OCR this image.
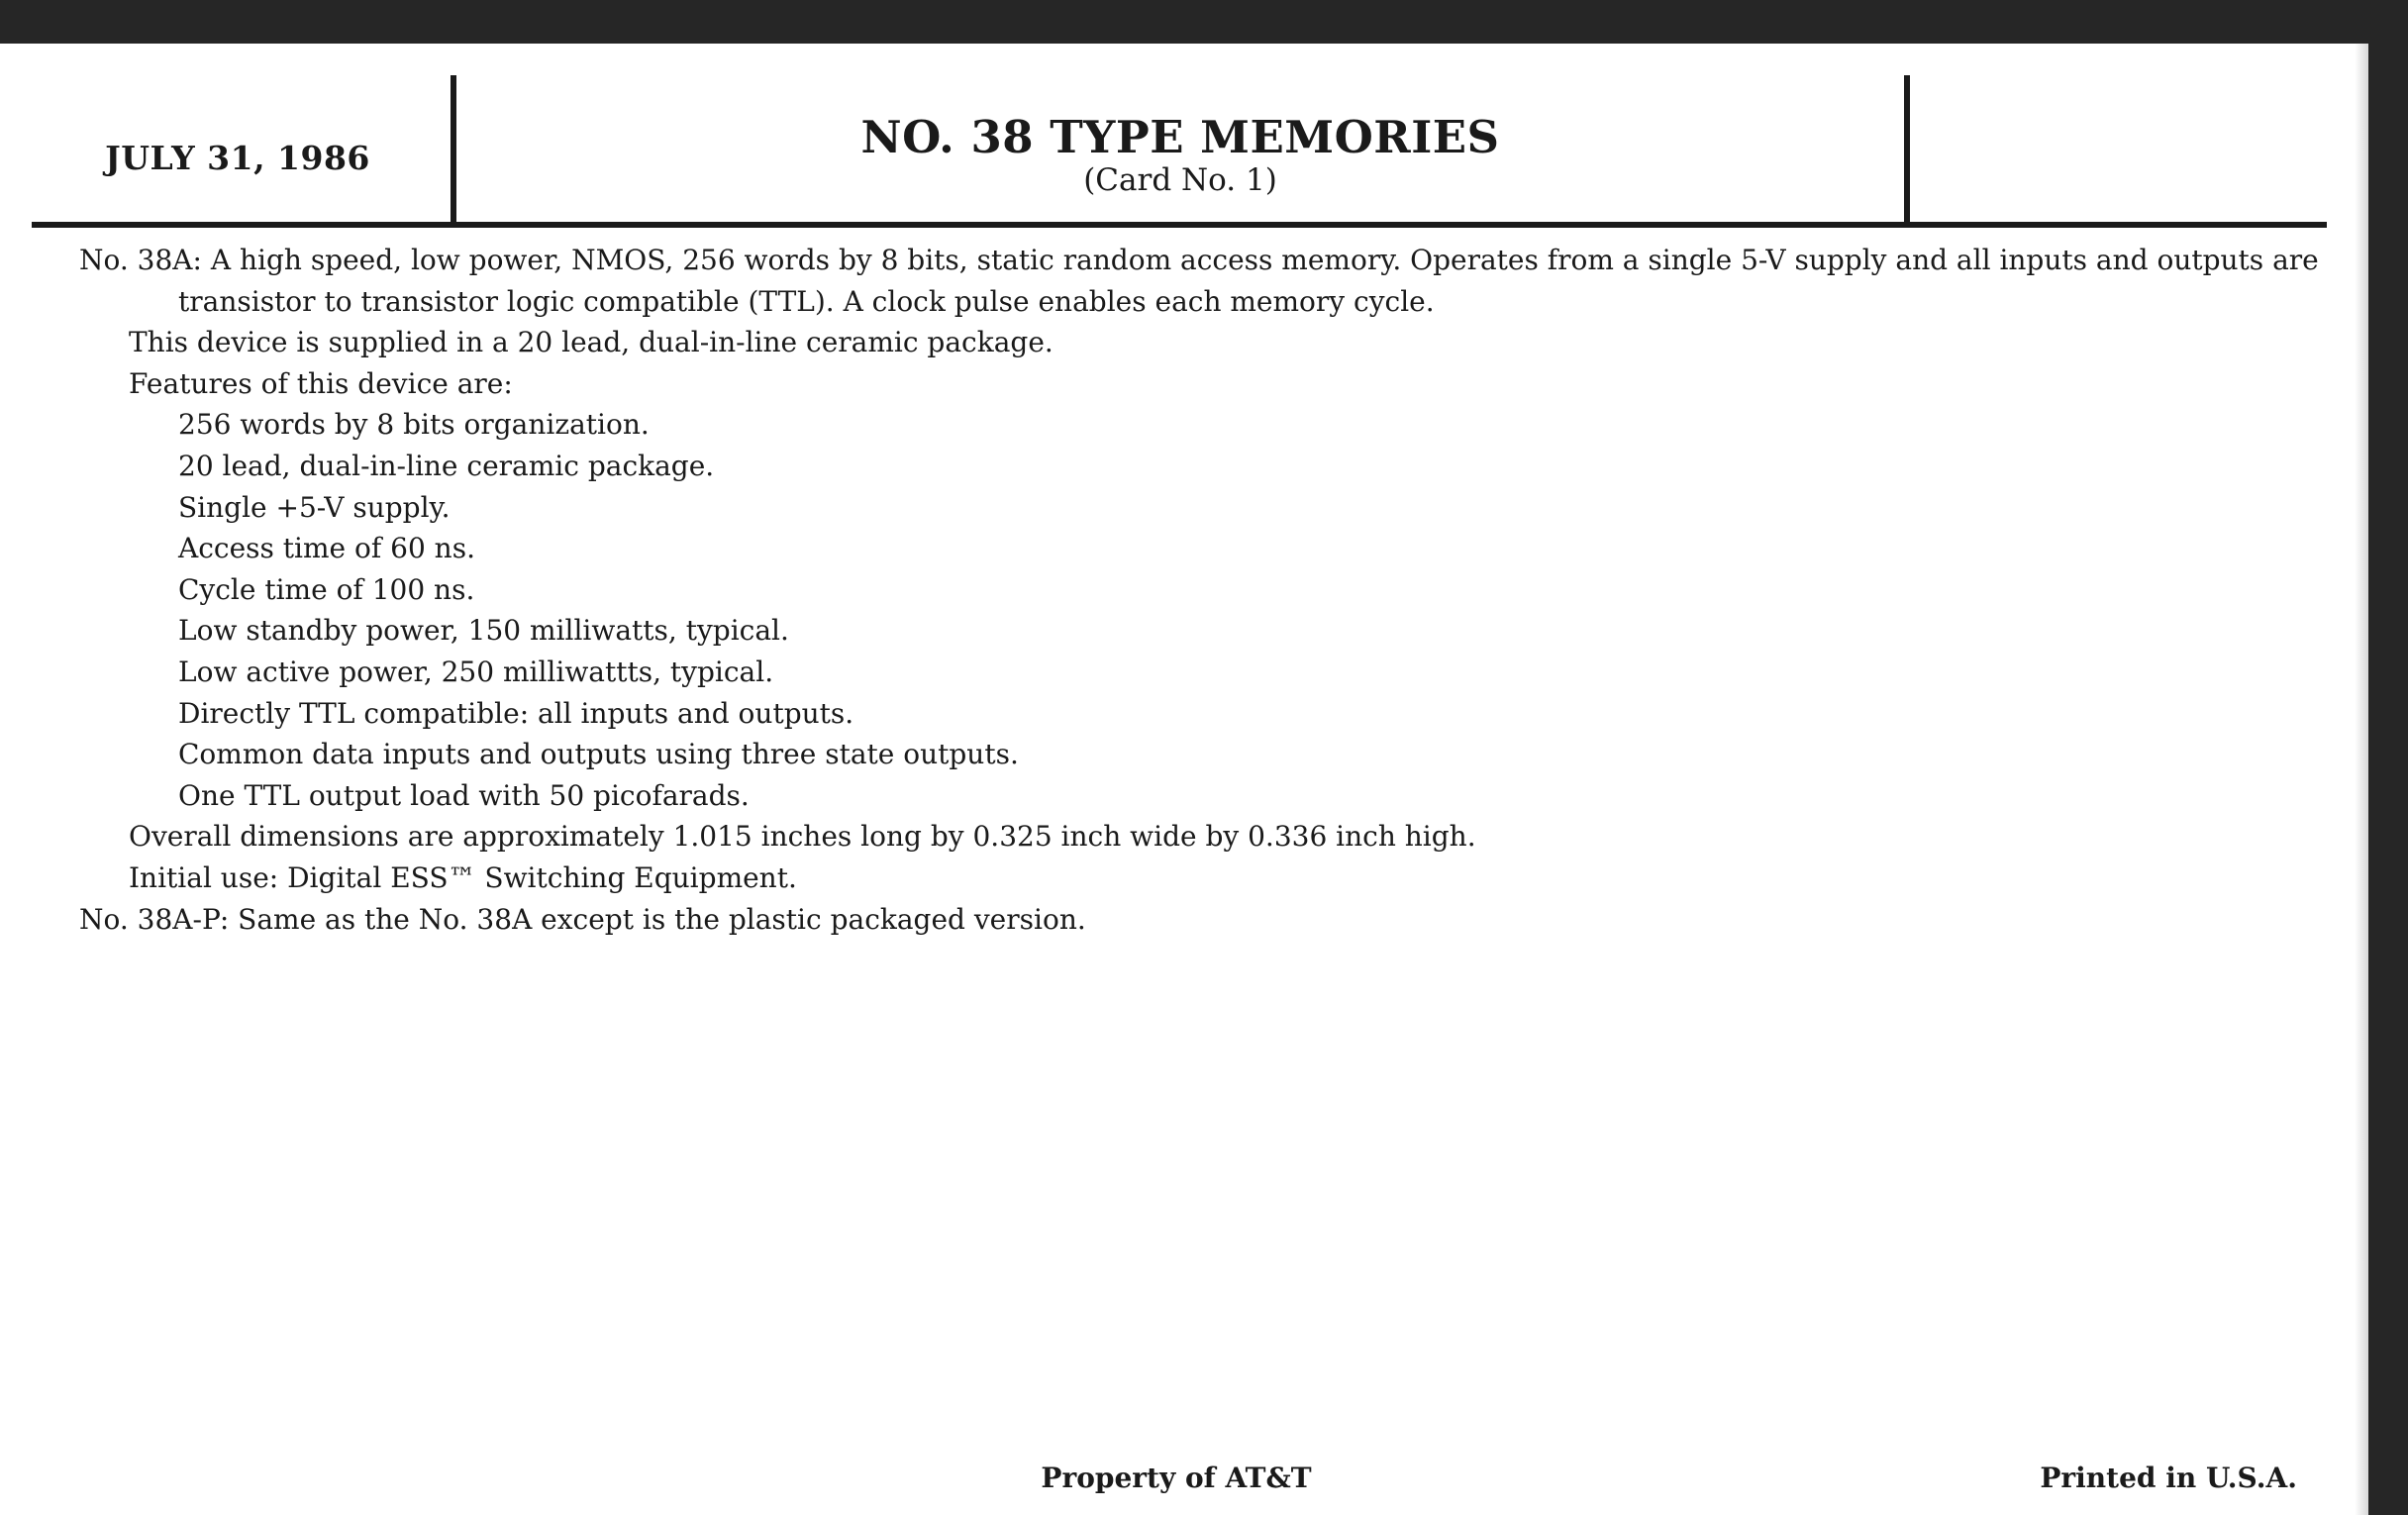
JULY 31, 1986	NO. 38 TYPE MEMORIES
(Card No. 1)

No. 38A: A high speed, low power, NMOS, 256 words by 8 bits, static random access memory. Operates from a single 5-V supply and all inputs and outputs are transistor to transistor logic compatible (TTL). A clock pulse enables each memory cycle.

This device is supplied in a 20 lead, dual-in-line ceramic package.

Features of this device are:

256 words by 8 bits organization.

20 lead, dual-in-line ceramic package.

Single +5-V supply.

Access time of 60 ns.

Cycle time of 100 ns.

Low standby power, 150 milliwatts, typical.

Low active power, 250 milliwattts, typical.

Directly TTL compatible: all inputs and outputs.

Common data inputs and outputs using three state outputs.

One TTL output load with 50 picofarads.

Overall dimensions are approximately 1.015 inches long by 0.325 inch wide by 0.336 inch high.

Initial use: Digital ESS™ Switching Equipment.

No. 38A-P: Same as the No. 38A except is the plastic packaged version.

Property of AT&T	Printed in U.S.A.
